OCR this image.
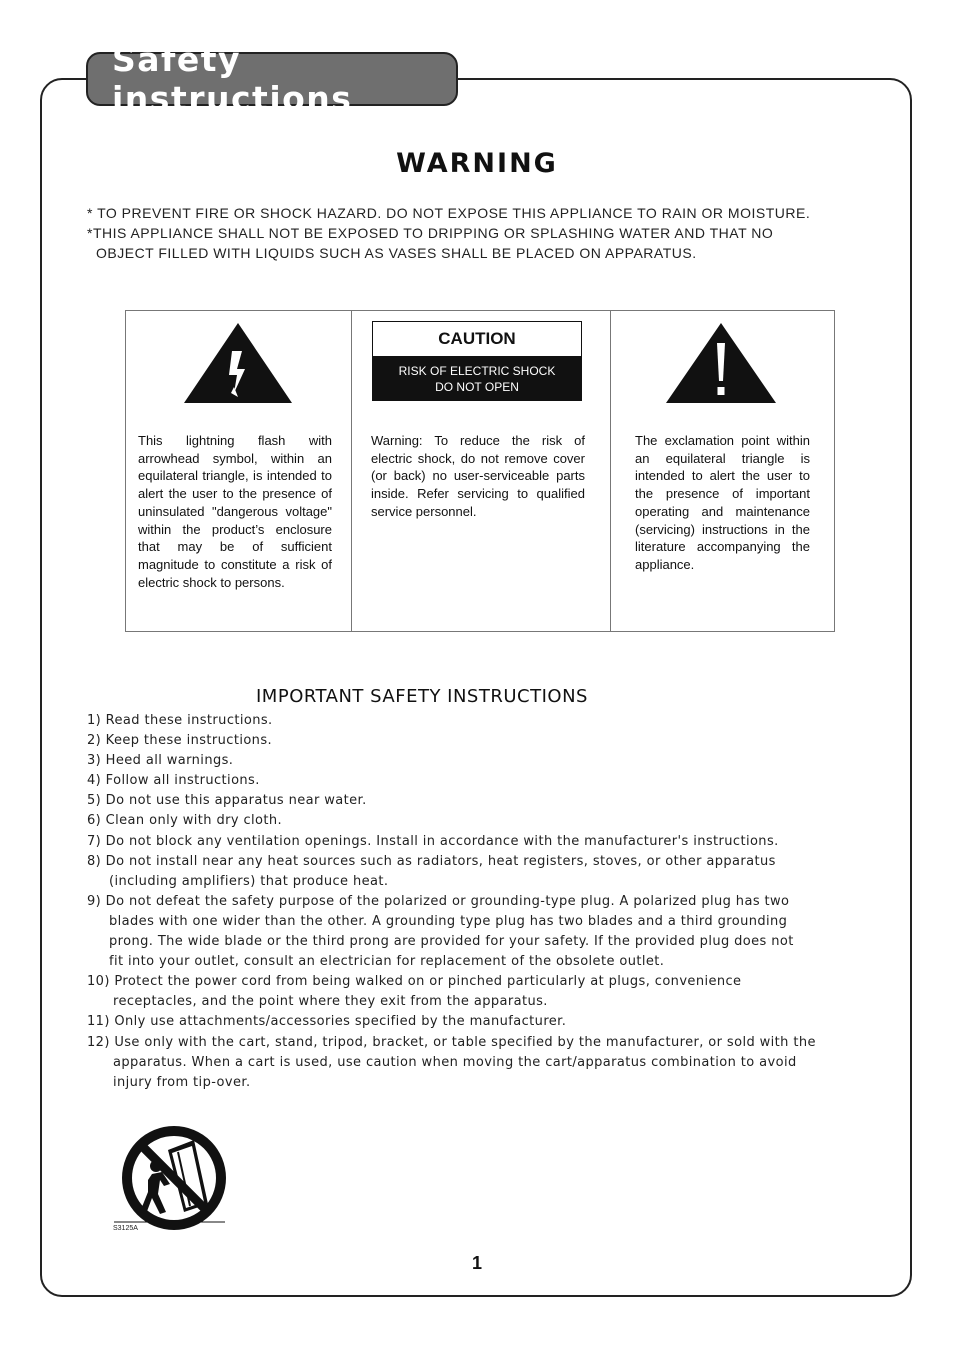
Safety instructions
WARNING
* TO PREVENT FIRE OR SHOCK HAZARD. DO NOT EXPOSE THIS APPLIANCE TO RAIN OR MOISTURE.
*THIS APPLIANCE SHALL NOT BE EXPOSED TO DRIPPING OR SPLASHING WATER AND THAT NO
OBJECT FILLED WITH LIQUIDS SUCH AS VASES SHALL BE PLACED ON APPARATUS.
CAUTION
RISK OF ELECTRIC SHOCK
DO NOT OPEN
This lightning flash with arrowhead symbol, within an equilateral triangle, is intended to alert the user to the presence of uninsulated "dangerous voltage" within the product’s enclosure that may be of sufficient magnitude to constitute a risk of electric shock to persons.
Warning: To reduce the risk of electric shock, do not remove cover (or back) no user-serviceable parts inside. Refer servicing to qualified service personnel.
The exclamation point within an equilateral triangle is intended to alert the user to the presence of important operating and maintenance (servicing) instructions in the literature accompanying the appliance.
IMPORTANT SAFETY INSTRUCTIONS
1) Read these instructions.
2) Keep these instructions.
3) Heed all warnings.
4) Follow all instructions.
5) Do not use this apparatus near water.
6) Clean only with dry cloth.
7) Do not block any ventilation openings. Install in accordance with the manufacturer's instructions.
8) Do not install near any heat sources such as radiators, heat registers, stoves, or other apparatus
(including amplifiers) that produce heat.
9) Do not defeat the safety purpose of the polarized or grounding-type plug. A polarized plug has two
blades with one wider than the other. A grounding type plug has two blades and a third grounding
prong. The wide blade or the third prong are provided for your safety. If the provided plug does not
fit into your outlet, consult an electrician for replacement of the obsolete outlet.
10) Protect the power cord from being walked on or pinched particularly at plugs, convenience
receptacles, and the point where they exit from the apparatus.
11) Only use attachments/accessories specified by the manufacturer.
12) Use only with the cart, stand, tripod, bracket, or table specified by the manufacturer, or sold with the
apparatus. When a cart is used, use caution when moving the cart/apparatus combination to avoid
injury from tip-over.
S3125A
1
